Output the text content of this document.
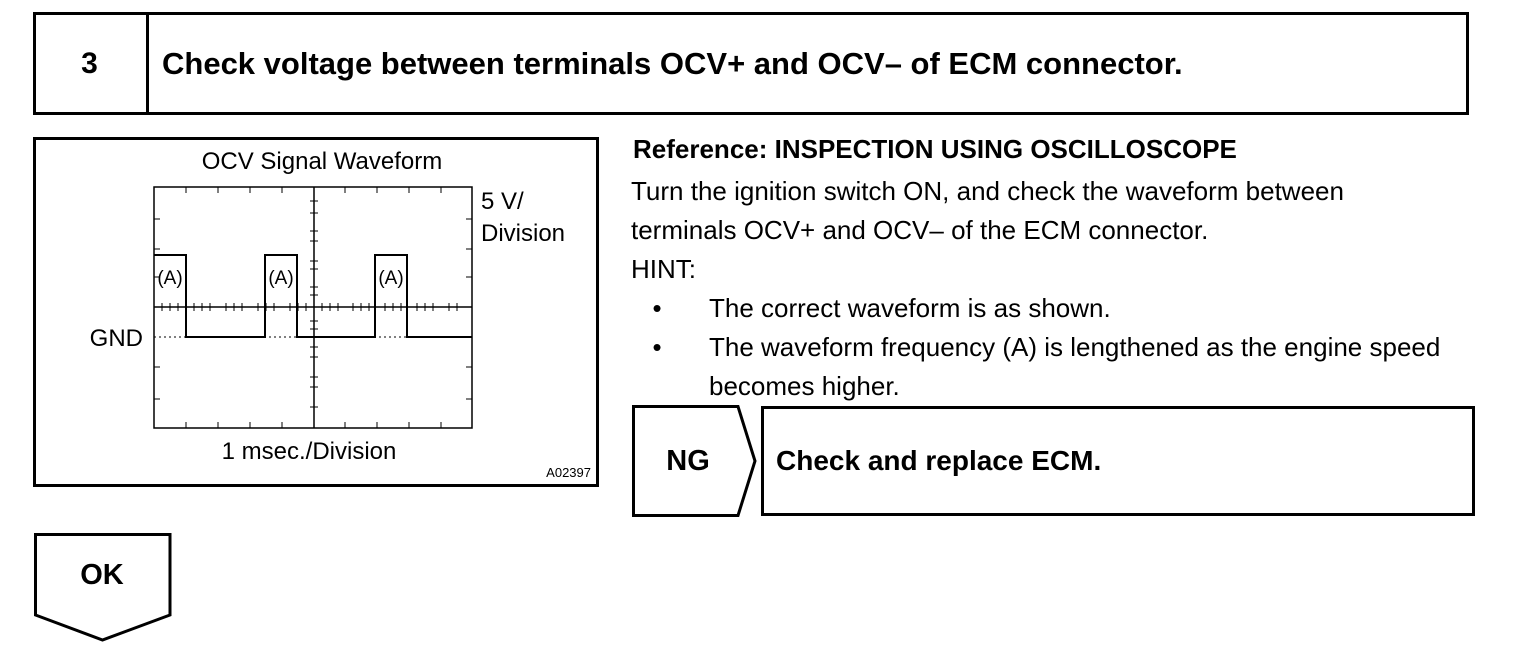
3	Check voltage between terminals OCV+ and OCV– of ECM connector.
OCV Signal Waveform
(A)	(A)	(A)
5 V/
Division
GND
1 msec./Division
A02397
Reference: INSPECTION USING OSCILLOSCOPE

Turn the ignition switch ON, and check the waveform between

terminals OCV+ and OCV– of the ECM connector.

HINT:

• The correct waveform is as shown.
• The waveform frequency (A) is lengthened as the engine speed becomes higher.
NG	Check and replace ECM.
OK
